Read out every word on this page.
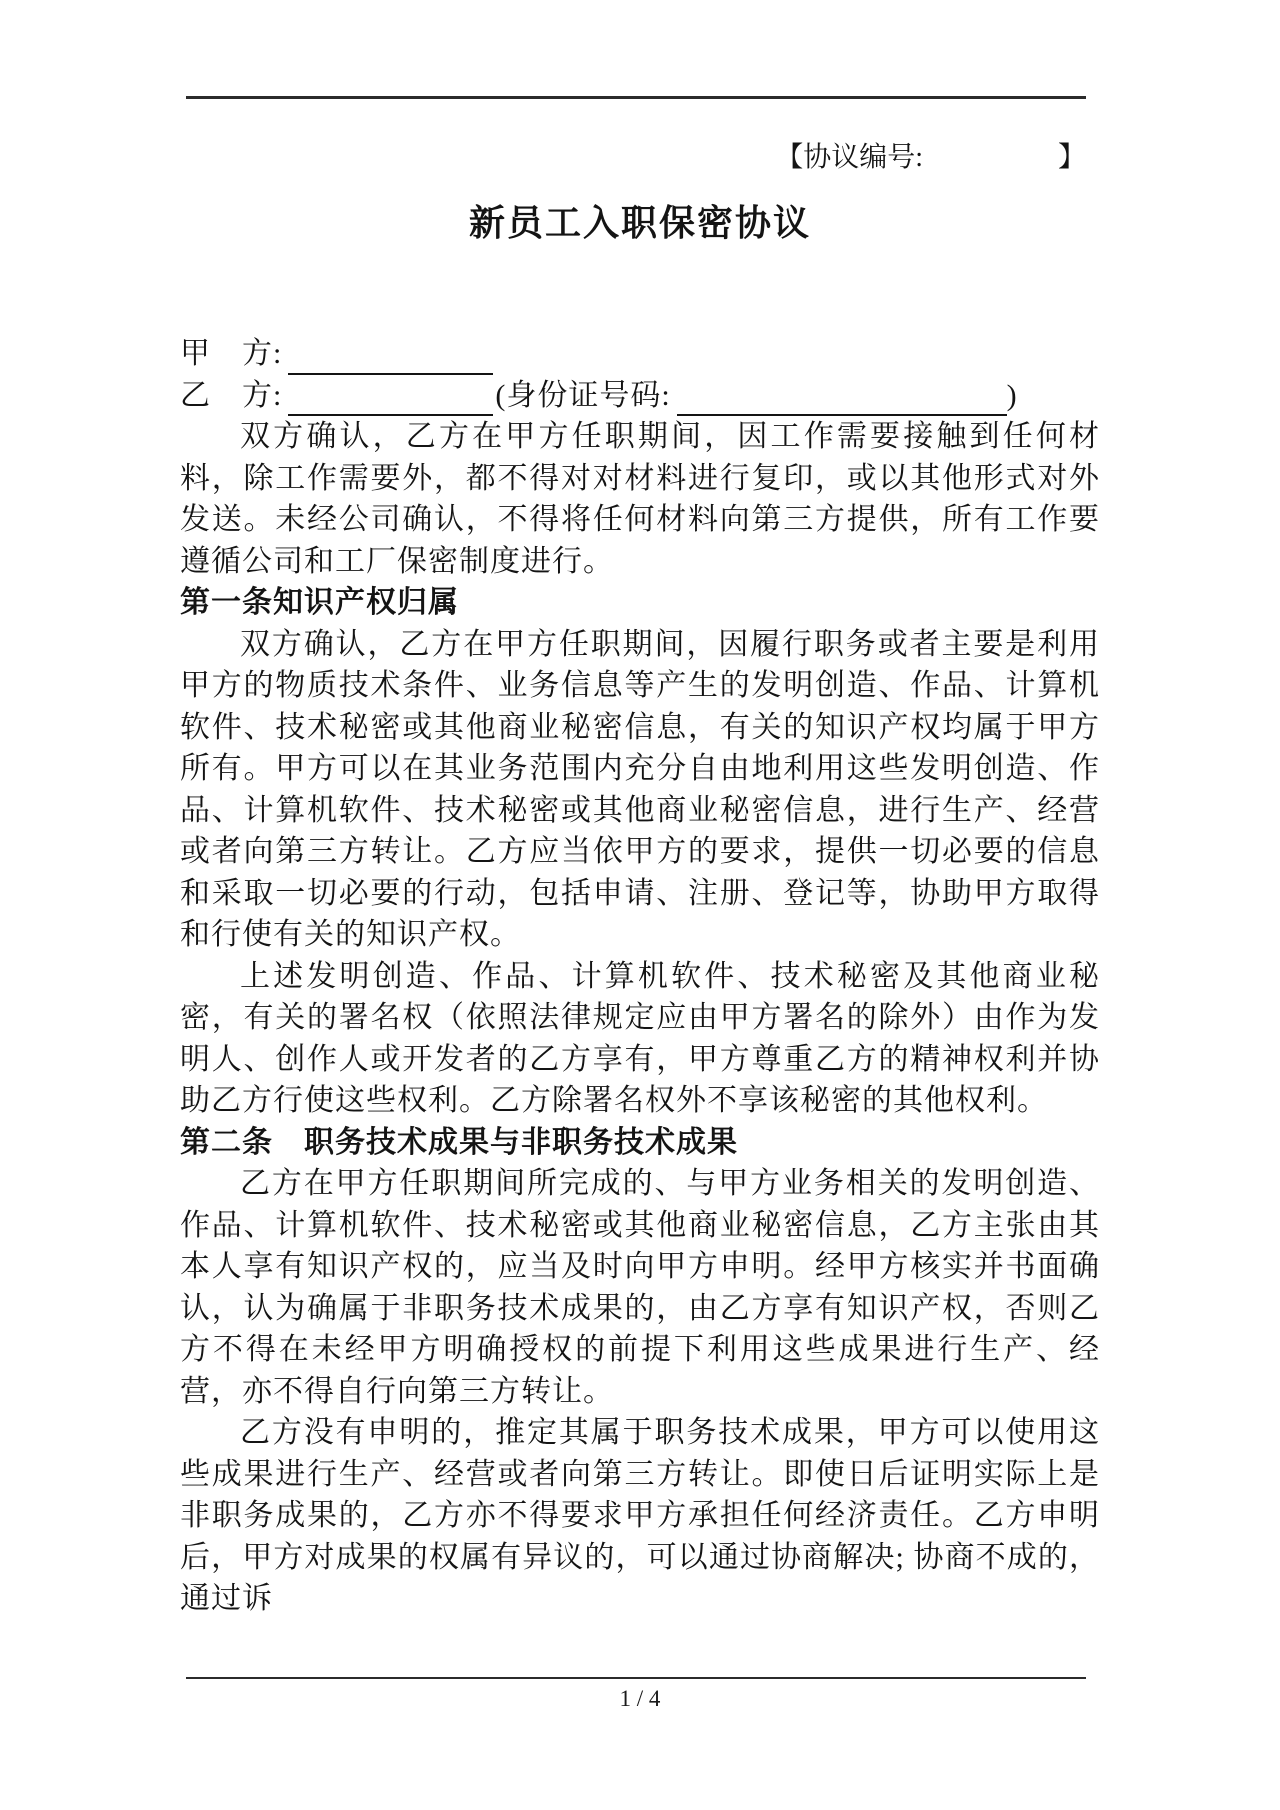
【协议编号:	】
新员工入职保密协议
甲　方:
乙　方:	(身份证号码:	)

双方确认，乙方在甲方任职期间，因工作需要接触到任何材料，除工作需要外，都不得对对材料进行复印，或以其他形式对外发送。未经公司确认，不得将任何材料向第三方提供，所有工作要遵循公司和工厂保密制度进行。

第一条知识产权归属

双方确认，乙方在甲方任职期间，因履行职务或者主要是利用甲方的物质技术条件、业务信息等产生的发明创造、作品、计算机软件、技术秘密或其他商业秘密信息，有关的知识产权均属于甲方所有。甲方可以在其业务范围内充分自由地利用这些发明创造、作品、计算机软件、技术秘密或其他商业秘密信息，进行生产、经营或者向第三方转让。乙方应当依甲方的要求，提供一切必要的信息和采取一切必要的行动，包括申请、注册、登记等，协助甲方取得和行使有关的知识产权。

上述发明创造、作品、计算机软件、技术秘密及其他商业秘密，有关的署名权（依照法律规定应由甲方署名的除外）由作为发明人、创作人或开发者的乙方享有，甲方尊重乙方的精神权利并协助乙方行使这些权利。乙方除署名权外不享该秘密的其他权利。

第二条　职务技术成果与非职务技术成果

乙方在甲方任职期间所完成的、与甲方业务相关的发明创造、作品、计算机软件、技术秘密或其他商业秘密信息，乙方主张由其本人享有知识产权的，应当及时向甲方申明。经甲方核实并书面确认，认为确属于非职务技术成果的，由乙方享有知识产权，否则乙方不得在未经甲方明确授权的前提下利用这些成果进行生产、经营，亦不得自行向第三方转让。

乙方没有申明的，推定其属于职务技术成果，甲方可以使用这些成果进行生产、经营或者向第三方转让。即使日后证明实际上是非职务成果的，乙方亦不得要求甲方承担任何经济责任。乙方申明后，甲方对成果的权属有异议的，可以通过协商解决; 协商不成的，通过诉

1 / 4
